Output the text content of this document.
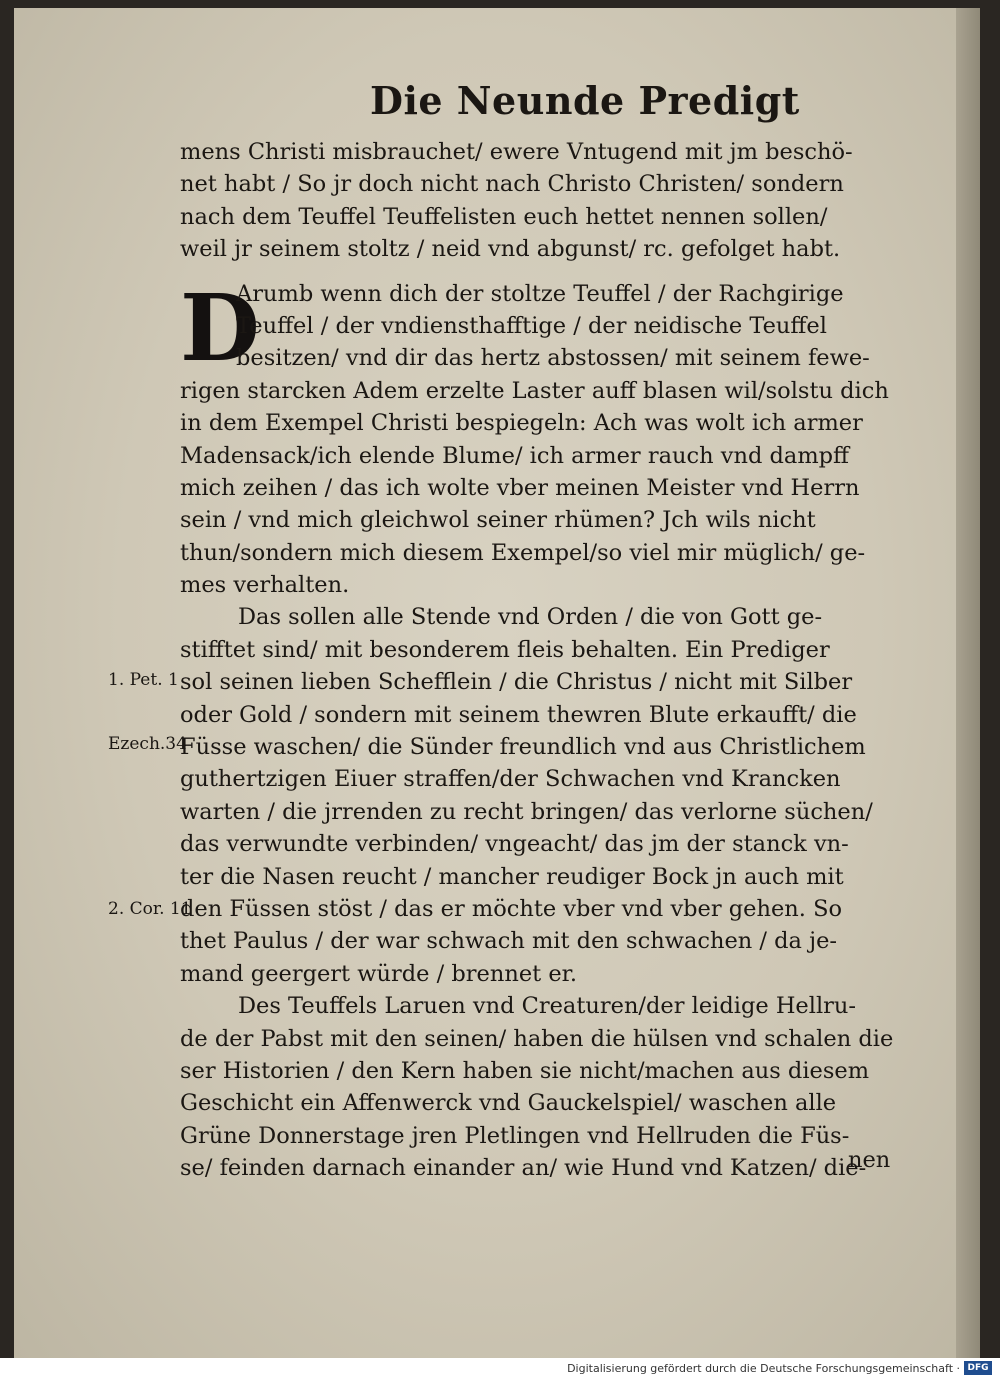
Die Neunde Predigt
D
mens Christi misbrauchet/ ewere Vntugend mit jm beschö-
net habt / So jr doch nicht nach Christo Christen/ sondern
nach dem Teuffel Teuffelisten euch hettet nennen sollen/
weil jr seinem stoltz / neid vnd abgunst/ rc. gefolget habt.
Arumb wenn dich der stoltze Teuffel / der Rachgirige
Teuffel / der vndiensthafftige / der neidische Teuffel
besitzen/ vnd dir das hertz abstossen/ mit seinem fewe-
rigen starcken Adem erzelte Laster auff blasen wil/solstu dich
in dem Exempel Christi bespiegeln: Ach was wolt ich armer
Madensack/ich elende Blume/ ich armer rauch vnd dampff
mich zeihen / das ich wolte vber meinen Meister vnd Herrn
sein / vnd mich gleichwol seiner rhümen? Jch wils nicht
thun/sondern mich diesem Exempel/so viel mir müglich/ ge-
mes verhalten.
Das sollen alle Stende vnd Orden / die von Gott ge-
stifftet sind/ mit besonderem fleis behalten. Ein Prediger
sol seinen lieben Schefflein / die Christus / nicht mit Silber
oder Gold / sondern mit seinem thewren Blute erkaufft/ die
Füsse waschen/ die Sünder freundlich vnd aus Christlichem
guthertzigen Eiuer straffen/der Schwachen vnd Krancken
warten / die jrrenden zu recht bringen/ das verlorne süchen/
das verwundte verbinden/ vngeacht/ das jm der stanck vn-
ter die Nasen reucht / mancher reudiger Bock jn auch mit
den Füssen stöst / das er möchte vber vnd vber gehen. So
thet Paulus / der war schwach mit den schwachen / da je-
mand geergert würde / brennet er.
Des Teuffels Laruen vnd Creaturen/der leidige Hellru-
de der Pabst mit den seinen/ haben die hülsen vnd schalen die
ser Historien / den Kern haben sie nicht/machen aus diesem
Geschicht ein Affenwerck vnd Gauckelspiel/ waschen alle
Grüne Donnerstage jren Pletlingen vnd Hellruden die Füs-
se/ feinden darnach einander an/ wie Hund vnd Katzen/ die-
1. Pet. 1
Ezech.34
2. Cor. 11
nen
Digitalisierung gefördert durch die Deutsche Forschungsgemeinschaft · DFG
